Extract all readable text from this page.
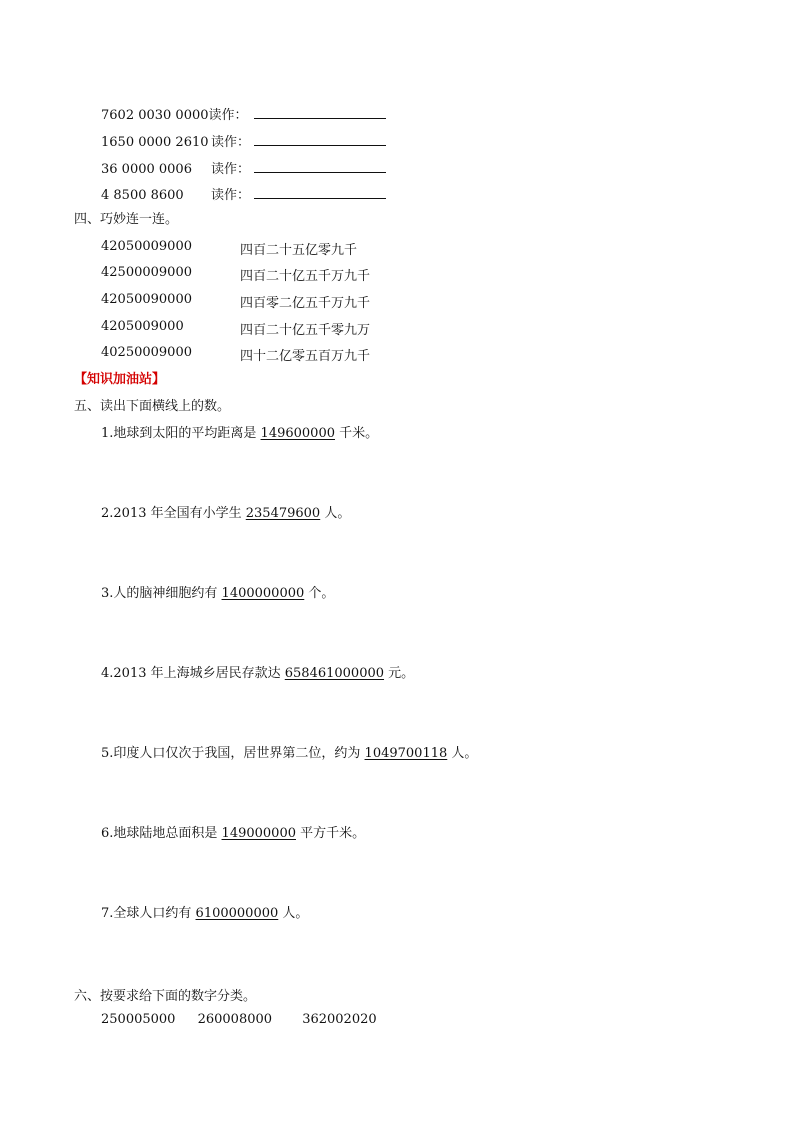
7602 0030 0000读作：
1650 0000 2610 读作：
36 0000 0006 读作：
4 8500 8600 读作：
四、巧妙连一连。
42050009000	四百二十五亿零九千
42500009000	四百二十亿五千万九千
42050090000	四百零二亿五千万九千
4205009000	四百二十亿五千零九万
40250009000	四十二亿零五百万九千
【知识加油站】
五、读出下面横线上的数。
1.地球到太阳的平均距离是 149600000 千米。
2.2013 年全国有小学生 235479600 人。
3.人的脑神细胞约有 1400000000 个。
4.2013 年上海城乡居民存款达 658461000000 元。
5.印度人口仅次于我国，居世界第二位，约为 1049700118 人。
6.地球陆地总面积是 149000000 平方千米。
7.全球人口约有 6100000000 人。
六、按要求给下面的数字分类。
250005000 260008000 362002020
